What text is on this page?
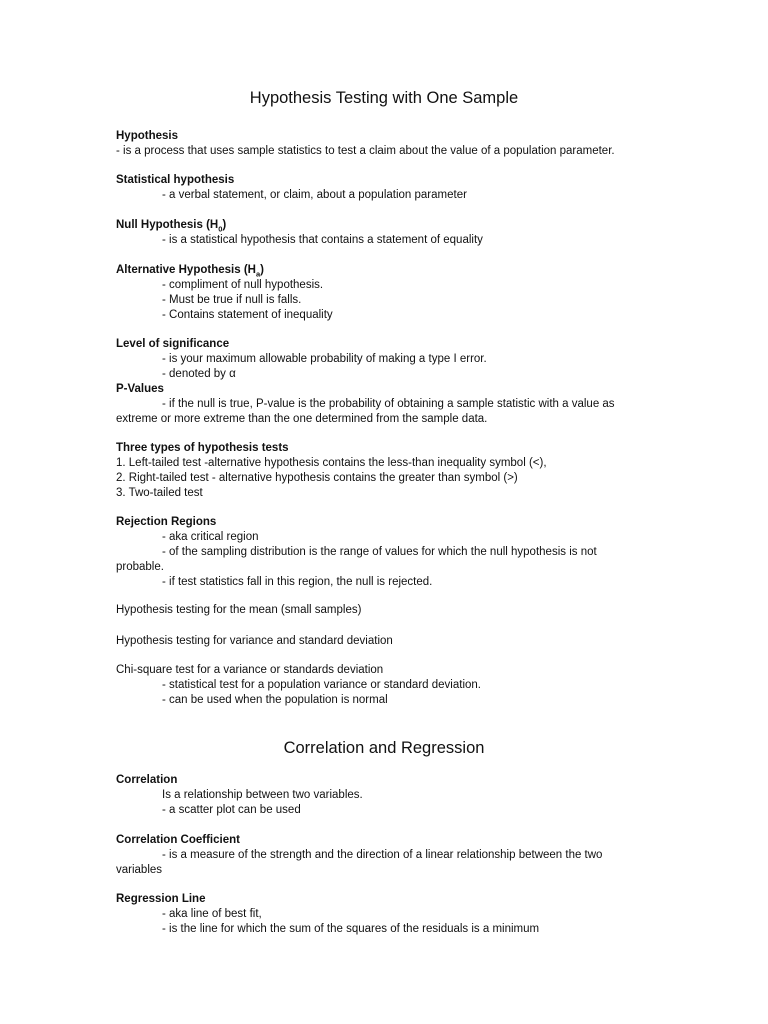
Hypothesis Testing with One Sample
Hypothesis
- is a process that uses sample statistics to test a claim about the value of a population parameter.
Statistical hypothesis
- a verbal statement, or claim, about a population parameter
Null Hypothesis $(H_0)$
- is a statistical hypothesis that contains a statement of equality
Alternative Hypothesis $(H_a)$
- compliment of null hypothesis.
- Must be true if null is falls.
- Contains statement of inequality
Level of significance
- is your maximum allowable probability of making a type I error.
- denoted by α
P-Values
- if the null is true, P-value is the probability of obtaining a sample statistic with a value as extreme or more extreme than the one determined from the sample data.
Three types of hypothesis tests
1. Left-tailed test -alternative hypothesis contains the less-than inequality symbol (<),
2. Right-tailed test - alternative hypothesis contains the greater than symbol (>)
3. Two-tailed test
Rejection Regions
- aka critical region
- of the sampling distribution is the range of values for which the null hypothesis is not probable.
- if test statistics fall in this region, the null is rejected.
Hypothesis testing for the mean (small samples)
Hypothesis testing for variance and standard deviation
Chi-square test for a variance or standards deviation
- statistical test for a population variance or standard deviation.
- can be used when the population is normal
Correlation and Regression
Correlation
Is a relationship between two variables.
- a scatter plot can be used
Correlation Coefficient
- is a measure of the strength and the direction of a linear relationship between the two variables
Regression Line
- aka line of best fit,
- is the line for which the sum of the squares of the residuals is a minimum
